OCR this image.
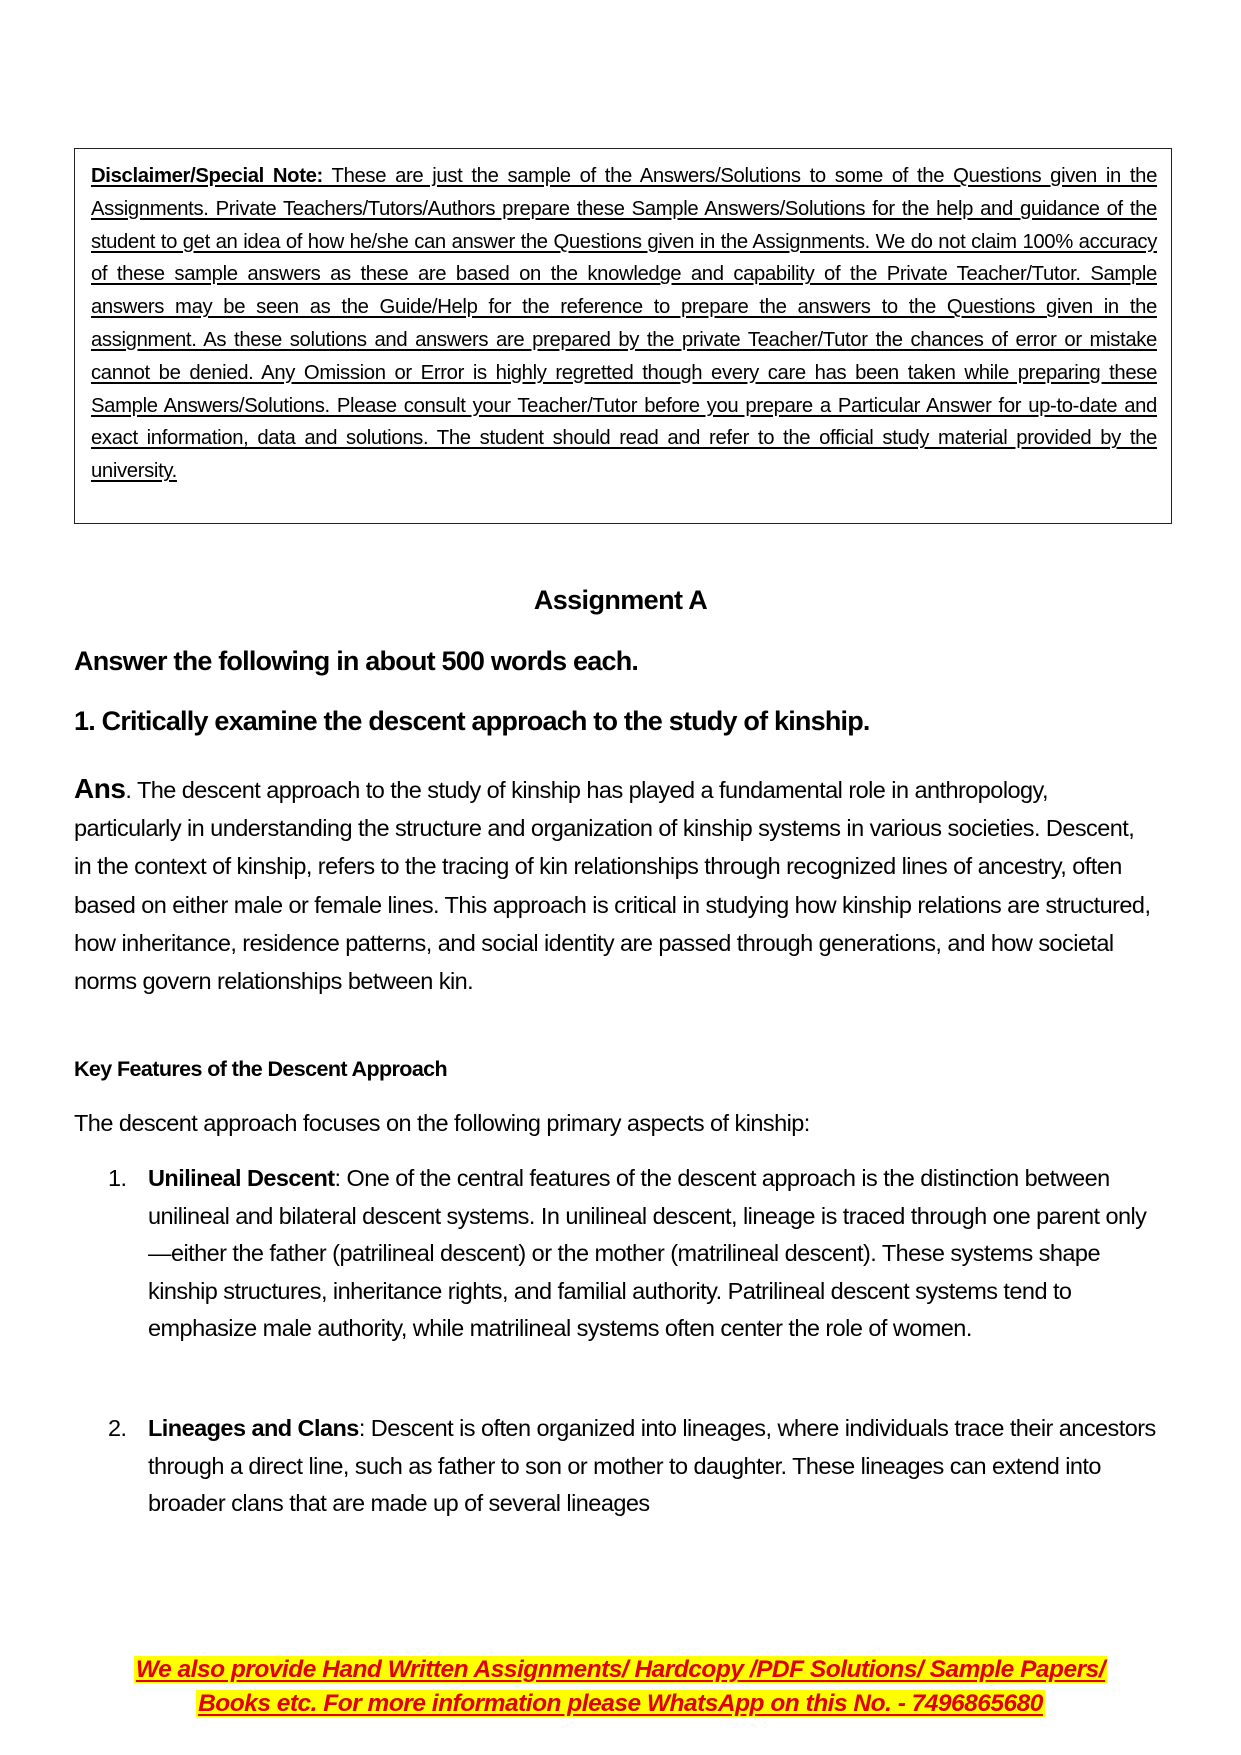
Disclaimer/Special Note: These are just the sample of the Answers/Solutions to some of the Questions given in the Assignments. Private Teachers/Tutors/Authors prepare these Sample Answers/Solutions for the help and guidance of the student to get an idea of how he/she can answer the Questions given in the Assignments. We do not claim 100% accuracy of these sample answers as these are based on the knowledge and capability of the Private Teacher/Tutor. Sample answers may be seen as the Guide/Help for the reference to prepare the answers to the Questions given in the assignment. As these solutions and answers are prepared by the private Teacher/Tutor the chances of error or mistake cannot be denied. Any Omission or Error is highly regretted though every care has been taken while preparing these Sample Answers/Solutions. Please consult your Teacher/Tutor before you prepare a Particular Answer for up-to-date and exact information, data and solutions. The student should read and refer to the official study material provided by the university.
Assignment A
Answer the following in about 500 words each.
1. Critically examine the descent approach to the study of kinship.
Ans. The descent approach to the study of kinship has played a fundamental role in anthropology, particularly in understanding the structure and organization of kinship systems in various societies. Descent, in the context of kinship, refers to the tracing of kin relationships through recognized lines of ancestry, often based on either male or female lines. This approach is critical in studying how kinship relations are structured, how inheritance, residence patterns, and social identity are passed through generations, and how societal norms govern relationships between kin.
Key Features of the Descent Approach
The descent approach focuses on the following primary aspects of kinship:
1. Unilineal Descent: One of the central features of the descent approach is the distinction between unilineal and bilateral descent systems. In unilineal descent, lineage is traced through one parent only—either the father (patrilineal descent) or the mother (matrilineal descent). These systems shape kinship structures, inheritance rights, and familial authority. Patrilineal descent systems tend to emphasize male authority, while matrilineal systems often center the role of women.
2. Lineages and Clans: Descent is often organized into lineages, where individuals trace their ancestors through a direct line, such as father to son or mother to daughter. These lineages can extend into broader clans that are made up of several lineages
We also provide Hand Written Assignments/ Hardcopy /PDF Solutions/ Sample Papers/
Books etc. For more information please WhatsApp on this No. - 7496865680
